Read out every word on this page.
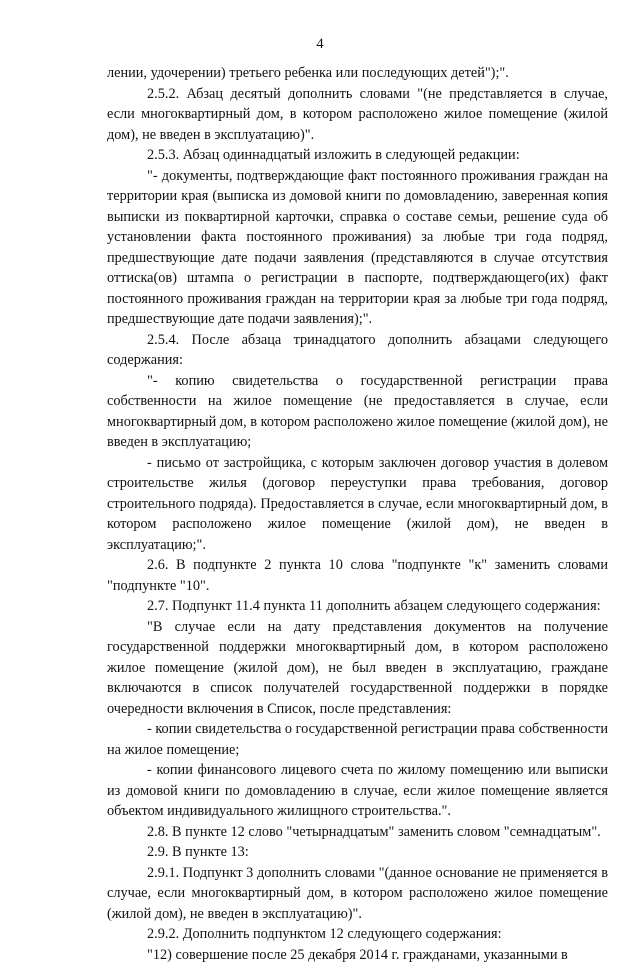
4

лении, удочерении) третьего ребенка или последующих детей");".

2.5.2. Абзац десятый дополнить словами "(не представляется в случае, если многоквартирный дом, в котором расположено жилое помещение (жилой дом), не введен в эксплуатацию)".

2.5.3. Абзац одиннадцатый изложить в следующей редакции:

"- документы, подтверждающие факт постоянного проживания граждан на территории края (выписка из домовой книги по домовладению, заверенная копия выписки из поквартирной карточки, справка о составе семьи, решение суда об установлении факта постоянного проживания) за любые три года подряд, предшествующие дате подачи заявления (представляются в случае отсутствия оттиска(ов) штампа о регистрации в паспорте, подтверждающего(их) факт постоянного проживания граждан на территории края за любые три года подряд, предшествующие дате подачи заявления);".

2.5.4. После абзаца тринадцатого дополнить абзацами следующего содержания:

"- копию свидетельства о государственной регистрации права собственности на жилое помещение (не предоставляется в случае, если многоквартирный дом, в котором расположено жилое помещение (жилой дом), не введен в эксплуатацию;

- письмо от застройщика, с которым заключен договор участия в долевом строительстве жилья (договор переуступки права требования, договор строительного подряда). Предоставляется в случае, если многоквартирный дом, в котором расположено жилое помещение (жилой дом), не введен в эксплуатацию;".

2.6. В подпункте 2 пункта 10 слова "подпункте "к" заменить словами "подпункте "10".

2.7. Подпункт 11.4 пункта 11 дополнить абзацем следующего содержания:

"В случае если на дату представления документов на получение государственной поддержки многоквартирный дом, в котором расположено жилое помещение (жилой дом), не был введен в эксплуатацию, граждане включаются в список получателей государственной поддержки в порядке очередности включения в Список, после представления:

- копии свидетельства о государственной регистрации права собственности на жилое помещение;

- копии финансового лицевого счета по жилому помещению или выписки из домовой книги по домовладению в случае, если жилое помещение является объектом индивидуального жилищного строительства.".

2.8. В пункте 12 слово "четырнадцатым" заменить словом "семнадцатым".

2.9. В пункте 13:

2.9.1. Подпункт 3 дополнить словами "(данное основание не применяется в случае, если многоквартирный дом, в котором расположено жилое помещение (жилой дом), не введен в эксплуатацию)".

2.9.2. Дополнить подпунктом 12 следующего содержания:

"12) совершение после 25 декабря 2014 г. гражданами, указанными в
